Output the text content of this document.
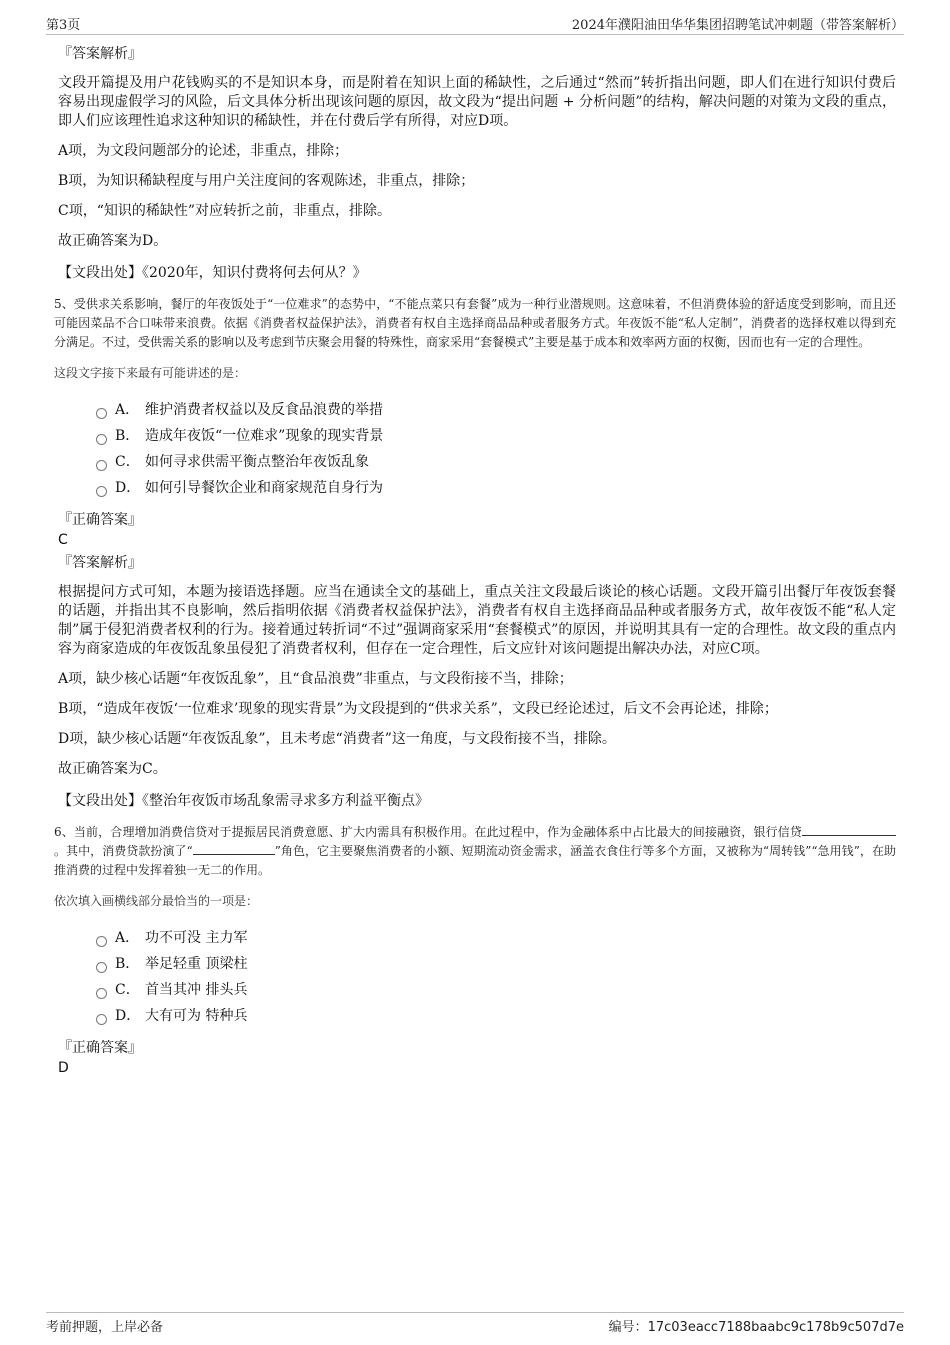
第3页	2024年濮阳油田华华集团招聘笔试冲刺题（带答案解析）
『答案解析』
文段开篇提及用户花钱购买的不是知识本身，而是附着在知识上面的稀缺性，之后通过“然而”转折指出问题，即人们在进行知识付费后容易出现虚假学习的风险，后文具体分析出现该问题的原因，故文段为“提出问题 + 分析问题”的结构，解决问题的对策为文段的重点，即人们应该理性追求这种知识的稀缺性，并在付费后学有所得，对应D项。
A项，为文段问题部分的论述，非重点，排除；
B项，为知识稀缺程度与用户关注度间的客观陈述，非重点，排除；
C项，“知识的稀缺性”对应转折之前，非重点，排除。
故正确答案为D。
【文段出处】《2020年，知识付费将何去何从？》
5、受供求关系影响，餐厅的年夜饭处于“一位难求”的态势中，“不能点菜只有套餐”成为一种行业潜规则。这意味着，不但消费体验的舒适度受到影响，而且还可能因菜品不合口味带来浪费。依据《消费者权益保护法》，消费者有权自主选择商品品种或者服务方式。年夜饭不能“私人定制”，消费者的选择权难以得到充分满足。不过，受供需关系的影响以及考虑到节庆聚会用餐的特殊性，商家采用“套餐模式”主要是基于成本和效率两方面的权衡，因而也有一定的合理性。
这段文字接下来最有可能讲述的是：
A． 维护消费者权益以及反食品浪费的举措
B． 造成年夜饭“一位难求”现象的现实背景
C． 如何寻求供需平衡点整治年夜饭乱象
D． 如何引导餐饮企业和商家规范自身行为
『正确答案』
C
『答案解析』
根据提问方式可知，本题为接语选择题。应当在通读全文的基础上，重点关注文段最后谈论的核心话题。文段开篇引出餐厅年夜饭套餐的话题，并指出其不良影响，然后指明依据《消费者权益保护法》，消费者有权自主选择商品品种或者服务方式，故年夜饭不能“私人定制”属于侵犯消费者权利的行为。接着通过转折词“不过”强调商家采用“套餐模式”的原因，并说明其具有一定的合理性。故文段的重点内容为商家造成的年夜饭乱象虽侵犯了消费者权利，但存在一定合理性，后文应针对该问题提出解决办法，对应C项。
A项，缺少核心话题“年夜饭乱象”，且“食品浪费”非重点，与文段衔接不当，排除；
B项，“造成年夜饭‘一位难求’现象的现实背景”为文段提到的“供求关系”，文段已经论述过，后文不会再论述，排除；
D项，缺少核心话题“年夜饭乱象”，且未考虑“消费者”这一角度，与文段衔接不当，排除。
故正确答案为C。
【文段出处】《整治年夜饭市场乱象需寻求多方利益平衡点》
6、当前，合理增加消费信贷对于提振居民消费意愿、扩大内需具有积极作用。在此过程中，作为金融体系中占比最大的间接融资，银行信贷。其中，消费贷款扮演了“	”角色，它主要聚焦消费者的小额、短期流动资金需求，涵盖衣食住行等多个方面，又被称为“周转钱”“急用钱”，在助推消费的过程中发挥着独一无二的作用。
依次填入画横线部分最恰当的一项是：
A． 功不可没 主力军
B． 举足轻重 顶梁柱
C． 首当其冲 排头兵
D． 大有可为 特种兵
『正确答案』
D
考前押题，上岸必备	编号：17c03eacc7188baabc9c178b9c507d7e
